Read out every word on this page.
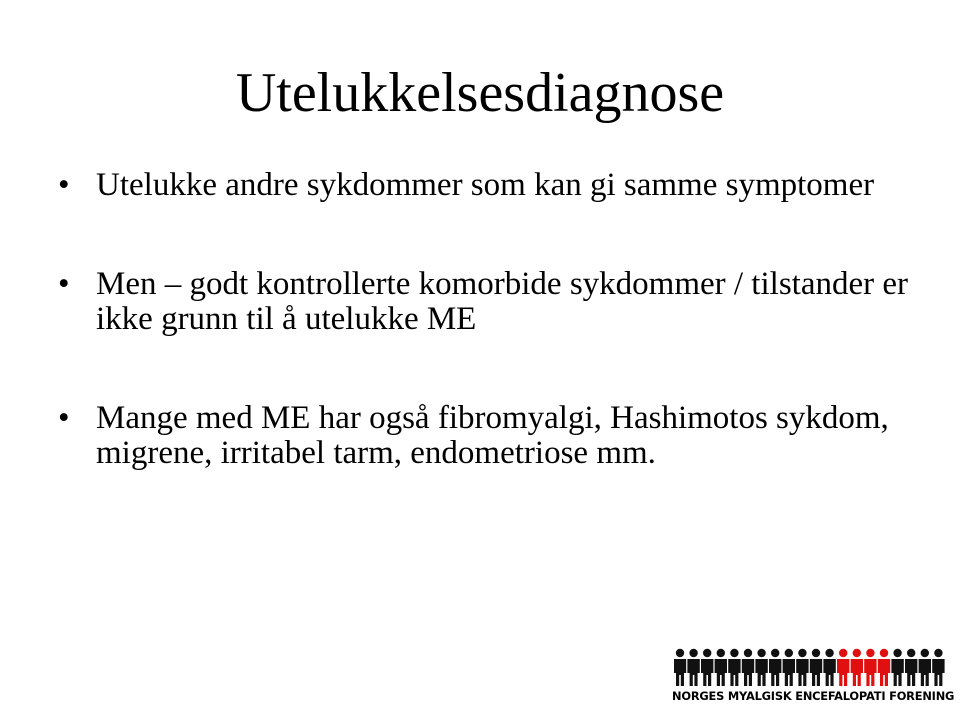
Utelukkelsesdiagnose
• Utelukke andre sykdommer som kan gi samme symptomer
• Men – godt kontrollerte komorbide sykdommer / tilstander er ikke grunn til å utelukke ME
• Mange med ME har også fibromyalgi, Hashimotos sykdom, migrene, irritabel tarm, endometriose mm.
NORGES MYALGISK ENCEFALOPATI FORENING
